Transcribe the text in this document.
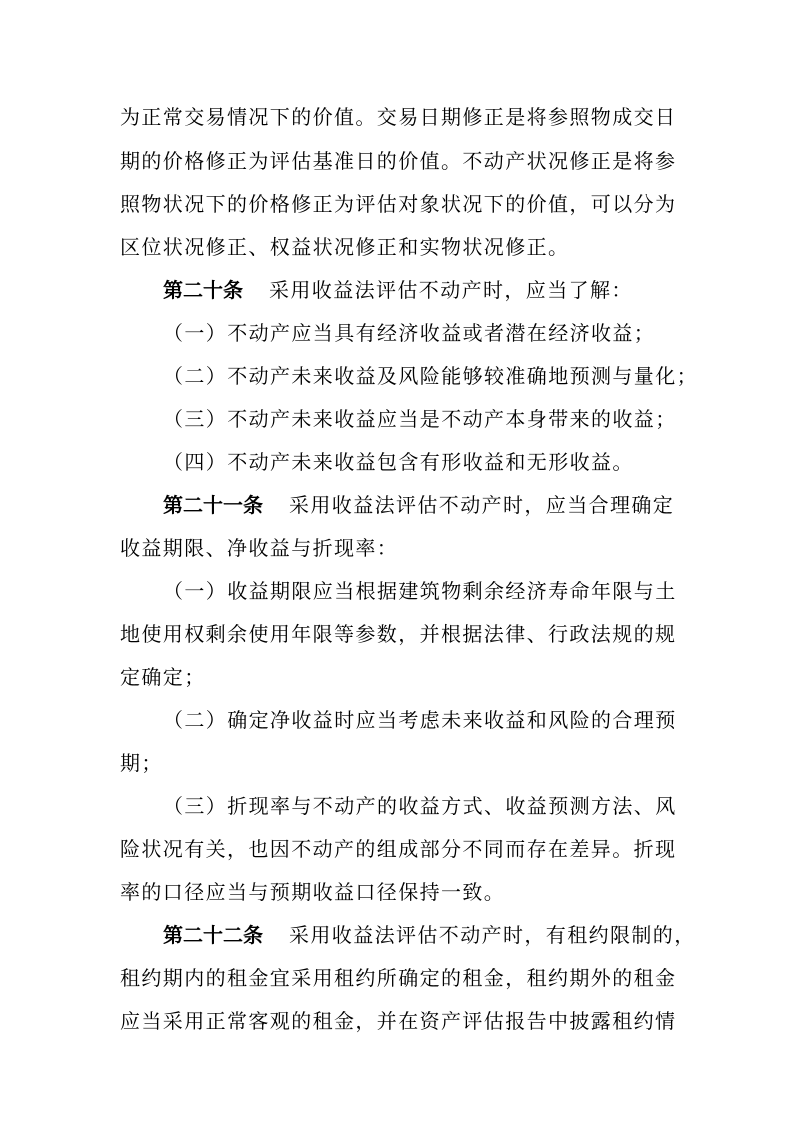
为正常交易情况下的价值。交易日期修正是将参照物成交日
期的价格修正为评估基准日的价值。不动产状况修正是将参
照物状况下的价格修正为评估对象状况下的价值，可以分为
区位状况修正、权益状况修正和实物状况修正。
第二十条 采用收益法评估不动产时，应当了解：
（一）不动产应当具有经济收益或者潜在经济收益；
（二）不动产未来收益及风险能够较准确地预测与量化；
（三）不动产未来收益应当是不动产本身带来的收益；
（四）不动产未来收益包含有形收益和无形收益。
第二十一条 采用收益法评估不动产时，应当合理确定
收益期限、净收益与折现率：
（一）收益期限应当根据建筑物剩余经济寿命年限与土
地使用权剩余使用年限等参数，并根据法律、行政法规的规
定确定；
（二）确定净收益时应当考虑未来收益和风险的合理预
期；
（三）折现率与不动产的收益方式、收益预测方法、风
险状况有关，也因不动产的组成部分不同而存在差异。折现
率的口径应当与预期收益口径保持一致。
第二十二条 采用收益法评估不动产时，有租约限制的，
租约期内的租金宜采用租约所确定的租金，租约期外的租金
应当采用正常客观的租金，并在资产评估报告中披露租约情
